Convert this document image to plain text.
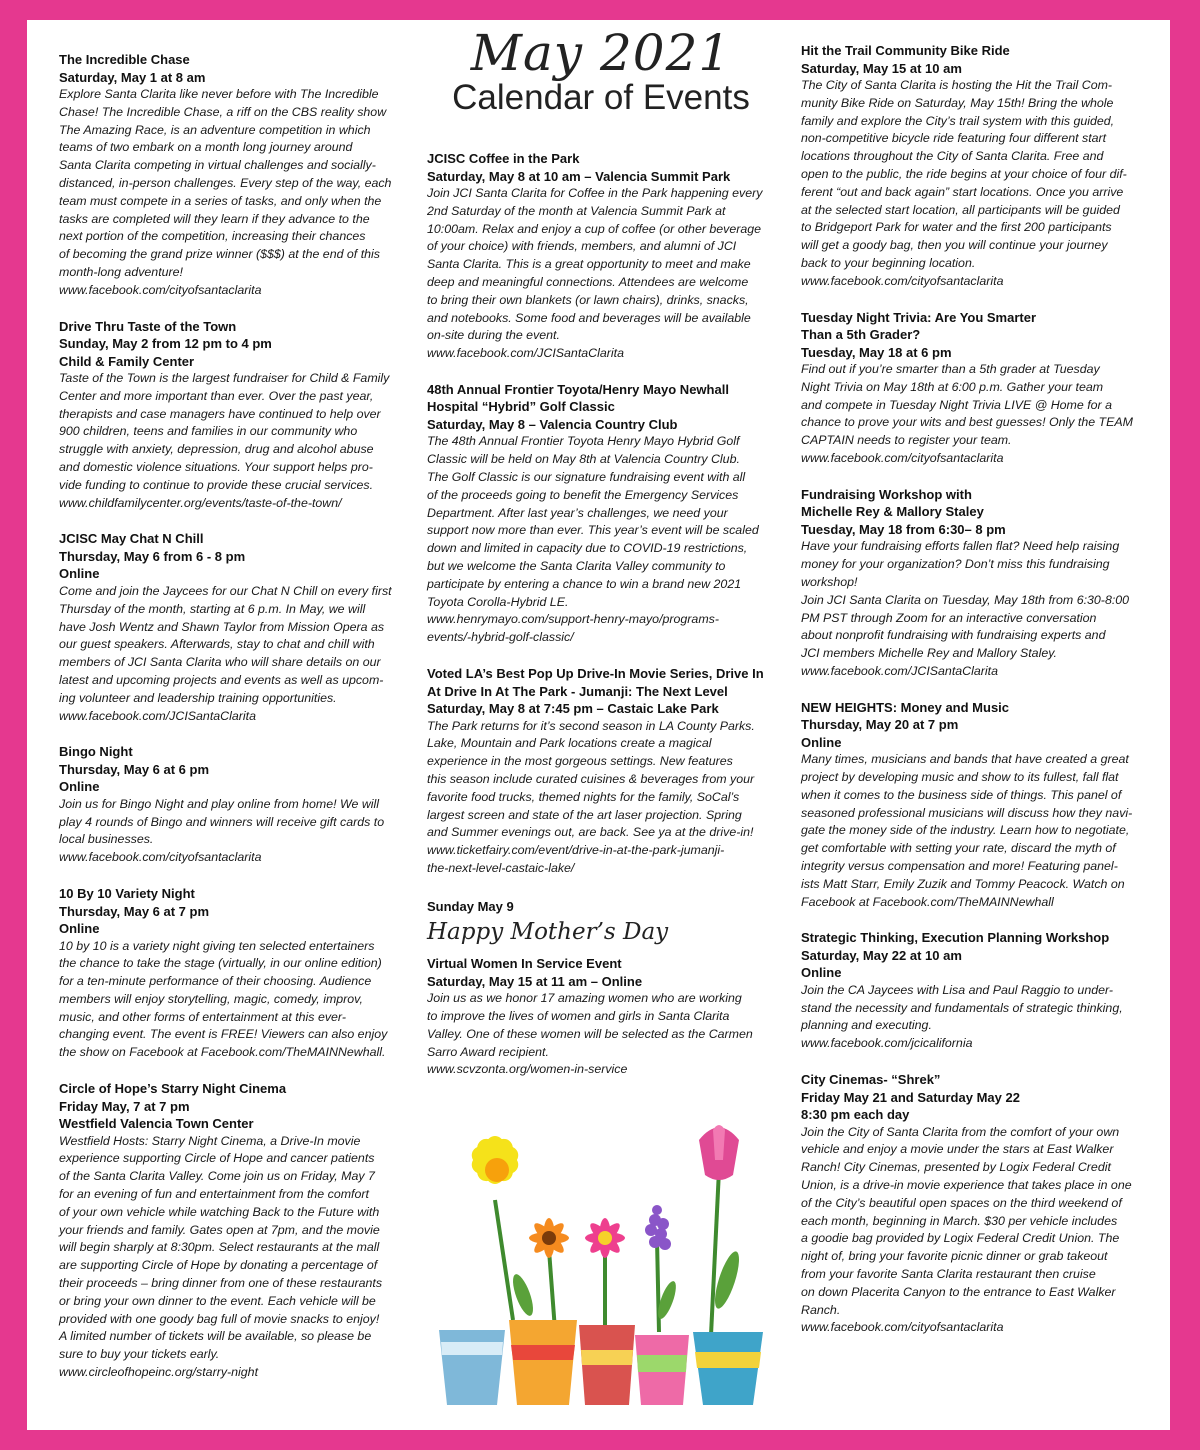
May 2021
Calendar of Events
The Incredible Chase
Saturday, May 1 at 8 am
Explore Santa Clarita like never before with The Incredible
Chase! The Incredible Chase, a riff on the CBS reality show
The Amazing Race, is an adventure competition in which
teams of two embark on a month long journey around
Santa Clarita competing in virtual challenges and socially-
distanced, in-person challenges. Every step of the way, each
team must compete in a series of tasks, and only when the
tasks are completed will they learn if they advance to the
next portion of the competition, increasing their chances
of becoming the grand prize winner ($$$) at the end of this
month-long adventure!
www.facebook.com/cityofsantaclarita
Drive Thru Taste of the Town
Sunday, May 2 from 12 pm to 4 pm
Child & Family Center
Taste of the Town is the largest fundraiser for Child & Family
Center and more important than ever. Over the past year,
therapists and case managers have continued to help over
900 children, teens and families in our community who
struggle with anxiety, depression, drug and alcohol abuse
and domestic violence situations. Your support helps pro-
vide funding to continue to provide these crucial services.
www.childfamilycenter.org/events/taste-of-the-town/
JCISC May Chat N Chill
Thursday, May 6 from 6 - 8 pm
Online
Come and join the Jaycees for our Chat N Chill on every first
Thursday of the month, starting at 6 p.m. In May, we will
have Josh Wentz and Shawn Taylor from Mission Opera as
our guest speakers. Afterwards, stay to chat and chill with
members of JCI Santa Clarita who will share details on our
latest and upcoming projects and events as well as upcom-
ing volunteer and leadership training opportunities.
www.facebook.com/JCISantaClarita
Bingo Night
Thursday, May 6 at 6 pm
Online
Join us for Bingo Night and play online from home! We will
play 4 rounds of Bingo and winners will receive gift cards to
local businesses.
www.facebook.com/cityofsantaclarita
10 By 10 Variety Night
Thursday, May 6 at 7 pm
Online
10 by 10 is a variety night giving ten selected entertainers
the chance to take the stage (virtually, in our online edition)
for a ten-minute performance of their choosing. Audience
members will enjoy storytelling, magic, comedy, improv,
music, and other forms of entertainment at this ever-
changing event. The event is FREE! Viewers can also enjoy
the show on Facebook at Facebook.com/TheMAINNewhall.
Circle of Hope’s Starry Night Cinema
Friday May, 7 at 7 pm
Westfield Valencia Town Center
Westfield Hosts: Starry Night Cinema, a Drive-In movie
experience supporting Circle of Hope and cancer patients
of the Santa Clarita Valley. Come join us on Friday, May 7
for an evening of fun and entertainment from the comfort
of your own vehicle while watching Back to the Future with
your friends and family. Gates open at 7pm, and the movie
will begin sharply at 8:30pm. Select restaurants at the mall
are supporting Circle of Hope by donating a percentage of
their proceeds – bring dinner from one of these restaurants
or bring your own dinner to the event. Each vehicle will be
provided with one goody bag full of movie snacks to enjoy!
A limited number of tickets will be available, so please be
sure to buy your tickets early.
www.circleofhopeinc.org/starry-night
JCISC Coffee in the Park
Saturday, May 8 at 10 am – Valencia Summit Park
Join JCI Santa Clarita for Coffee in the Park happening every
2nd Saturday of the month at Valencia Summit Park at
10:00am. Relax and enjoy a cup of coffee (or other beverage
of your choice) with friends, members, and alumni of JCI
Santa Clarita. This is a great opportunity to meet and make
deep and meaningful connections. Attendees are welcome
to bring their own blankets (or lawn chairs), drinks, snacks,
and notebooks. Some food and beverages will be available
on-site during the event.
www.facebook.com/JCISantaClarita
48th Annual Frontier Toyota/Henry Mayo Newhall
Hospital “Hybrid” Golf Classic
Saturday, May 8 – Valencia Country Club
The 48th Annual Frontier Toyota Henry Mayo Hybrid Golf
Classic will be held on May 8th at Valencia Country Club.
The Golf Classic is our signature fundraising event with all
of the proceeds going to benefit the Emergency Services
Department. After last year’s challenges, we need your
support now more than ever. This year’s event will be scaled
down and limited in capacity due to COVID-19 restrictions,
but we welcome the Santa Clarita Valley community to
participate by entering a chance to win a brand new 2021
Toyota Corolla-Hybrid LE.
www.henrymayo.com/support-henry-mayo/programs-
events/-hybrid-golf-classic/
Voted LA’s Best Pop Up Drive-In Movie Series, Drive In
At Drive In At The Park - Jumanji: The Next Level
Saturday, May 8 at 7:45 pm – Castaic Lake Park
The Park returns for it’s second season in LA County Parks.
Lake, Mountain and Park locations create a magical
experience in the most gorgeous settings. New features
this season include curated cuisines & beverages from your
favorite food trucks, themed nights for the family, SoCal’s
largest screen and state of the art laser projection. Spring
and Summer evenings out, are back. See ya at the drive-in!
www.ticketfairy.com/event/drive-in-at-the-park-jumanji-
the-next-level-castaic-lake/
Sunday May 9
Happy Mother’s Day
Virtual Women In Service Event
Saturday, May 15 at 11 am – Online
Join us as we honor 17 amazing women who are working
to improve the lives of women and girls in Santa Clarita
Valley. One of these women will be selected as the Carmen
Sarro Award recipient.
www.scvzonta.org/women-in-service
Hit the Trail Community Bike Ride
Saturday, May 15 at 10 am
The City of Santa Clarita is hosting the Hit the Trail Com-
munity Bike Ride on Saturday, May 15th! Bring the whole
family and explore the City’s trail system with this guided,
non-competitive bicycle ride featuring four different start
locations throughout the City of Santa Clarita. Free and
open to the public, the ride begins at your choice of four dif-
ferent “out and back again” start locations. Once you arrive
at the selected start location, all participants will be guided
to Bridgeport Park for water and the first 200 participants
will get a goody bag, then you will continue your journey
back to your beginning location.
www.facebook.com/cityofsantaclarita
Tuesday Night Trivia: Are You Smarter
Than a 5th Grader?
Tuesday, May 18 at 6 pm
Find out if you’re smarter than a 5th grader at Tuesday
Night Trivia on May 18th at 6:00 p.m. Gather your team
and compete in Tuesday Night Trivia LIVE @ Home for a
chance to prove your wits and best guesses! Only the TEAM
CAPTAIN needs to register your team.
www.facebook.com/cityofsantaclarita
Fundraising Workshop with
Michelle Rey & Mallory Staley
Tuesday, May 18 from 6:30– 8 pm
Have your fundraising efforts fallen flat? Need help raising
money for your organization? Don’t miss this fundraising
workshop!
Join JCI Santa Clarita on Tuesday, May 18th from 6:30-8:00
PM PST through Zoom for an interactive conversation
about nonprofit fundraising with fundraising experts and
JCI members Michelle Rey and Mallory Staley.
www.facebook.com/JCISantaClarita
NEW HEIGHTS: Money and Music
Thursday, May 20 at 7 pm
Online
Many times, musicians and bands that have created a great
project by developing music and show to its fullest, fall flat
when it comes to the business side of things. This panel of
seasoned professional musicians will discuss how they navi-
gate the money side of the industry. Learn how to negotiate,
get comfortable with setting your rate, discard the myth of
integrity versus compensation and more! Featuring panel-
ists Matt Starr, Emily Zuzik and Tommy Peacock. Watch on
Facebook at Facebook.com/TheMAINNewhall
Strategic Thinking, Execution Planning Workshop
Saturday, May 22 at 10 am
Online
Join the CA Jaycees with Lisa and Paul Raggio to under-
stand the necessity and fundamentals of strategic thinking,
planning and executing.
www.facebook.com/jcicalifornia
City Cinemas- “Shrek”
Friday May 21 and Saturday May 22
8:30 pm each day
Join the City of Santa Clarita from the comfort of your own
vehicle and enjoy a movie under the stars at East Walker
Ranch! City Cinemas, presented by Logix Federal Credit
Union, is a drive-in movie experience that takes place in one
of the City’s beautiful open spaces on the third weekend of
each month, beginning in March. $30 per vehicle includes
a goodie bag provided by Logix Federal Credit Union. The
night of, bring your favorite picnic dinner or grab takeout
from your favorite Santa Clarita restaurant then cruise
on down Placerita Canyon to the entrance to East Walker
Ranch.
www.facebook.com/cityofsantaclarita
